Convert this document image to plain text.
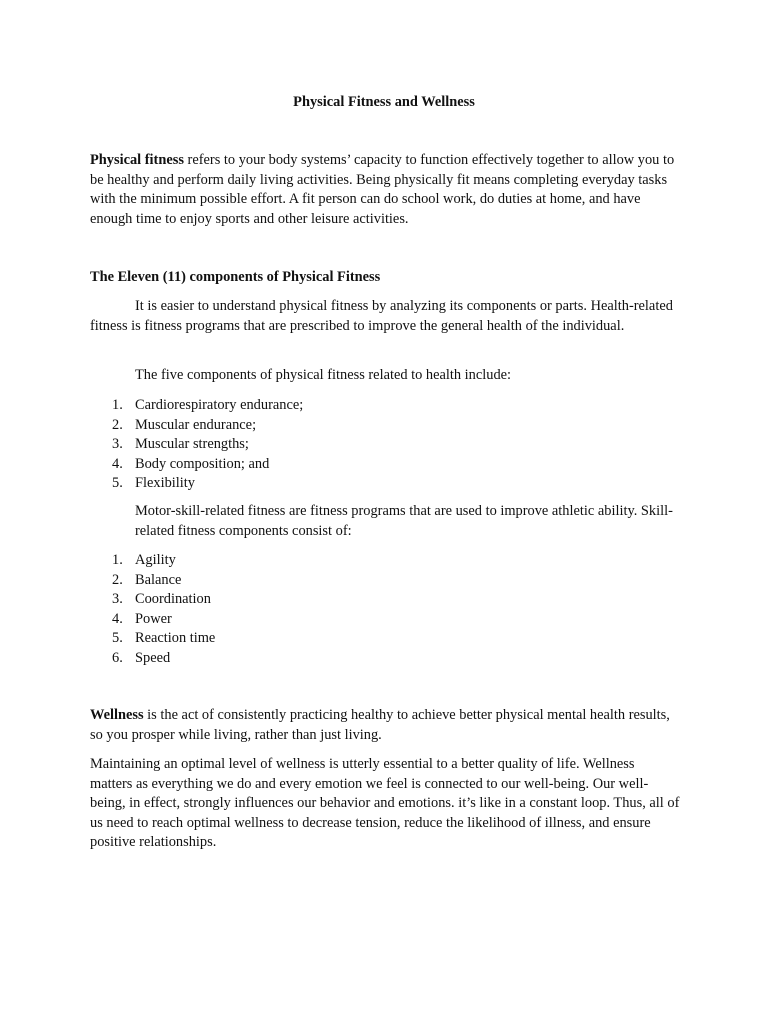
Physical Fitness and Wellness

Physical fitness refers to your body systems’ capacity to function effectively together to allow you to be healthy and perform daily living activities. Being physically fit means completing everyday tasks with the minimum possible effort. A fit person can do school work, do duties at home, and have enough time to enjoy sports and other leisure activities.

The Eleven (11) components of Physical Fitness

It is easier to understand physical fitness by analyzing its components or parts. Health-related fitness is fitness programs that are prescribed to improve the general health of the individual.

The five components of physical fitness related to health include:

1. Cardiorespiratory endurance;
2. Muscular endurance;
3. Muscular strengths;
4. Body composition; and
5. Flexibility

Motor-skill-related fitness are fitness programs that are used to improve athletic ability. Skill-related fitness components consist of:

1. Agility
2. Balance
3. Coordination
4. Power
5. Reaction time
6. Speed

Wellness is the act of consistently practicing healthy to achieve better physical mental health results, so you prosper while living, rather than just living.

Maintaining an optimal level of wellness is utterly essential to a better quality of life. Wellness matters as everything we do and every emotion we feel is connected to our well-being. Our well-being, in effect, strongly influences our behavior and emotions. it’s like in a constant loop. Thus, all of us need to reach optimal wellness to decrease tension, reduce the likelihood of illness, and ensure positive relationships.
